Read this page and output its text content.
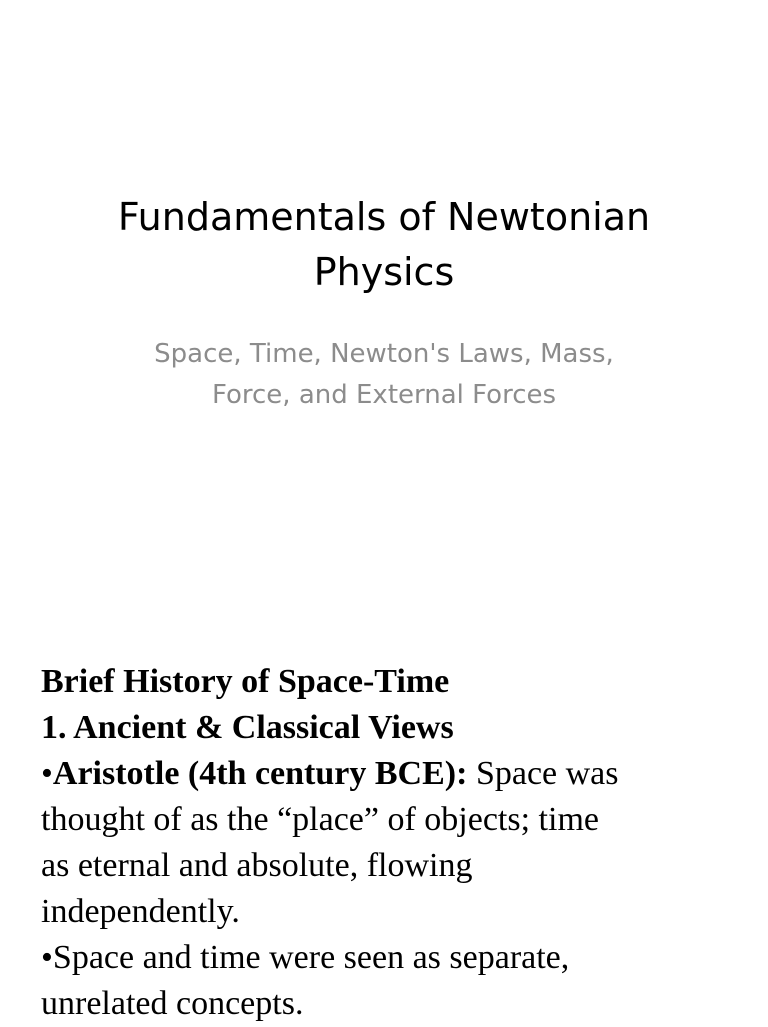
Fundamentals of Newtonian
Physics

Space, Time, Newton's Laws, Mass,
Force, and External Forces

Brief History of Space-Time
1. Ancient & Classical Views
•Aristotle (4th century BCE): Space was
thought of as the “place” of objects; time
as eternal and absolute, flowing
independently.
•Space and time were seen as separate,
unrelated concepts.
